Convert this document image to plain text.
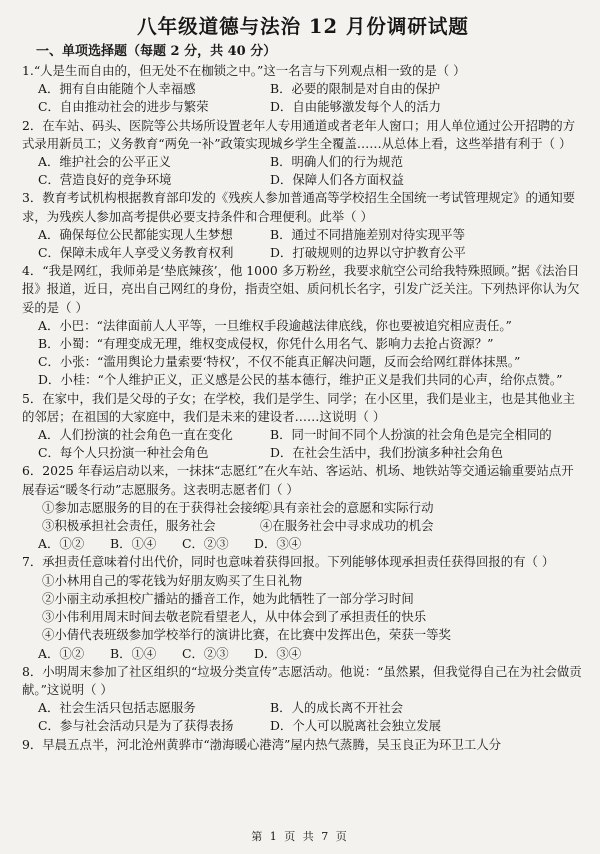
八年级道德与法治 12 月份调研试题
一、单项选择题（每题 2 分，共 40 分）
1.“人是生而自由的，但无处不在枷锁之中。”这一名言与下列观点相一致的是（ ）
A．拥有自由能随个人幸福感	B．必要的限制是对自由的保护
C．自由推动社会的进步与繁荣	D．自由能够激发每个人的活力
2．在车站、码头、医院等公共场所设置老年人专用通道或者老年人窗口；用人单位通过公开招聘的方式录用新员工；义务教育“两免一补”政策实现城乡学生全覆盖……从总体上看，这些举措有利于（ ）
A．维护社会的公平正义	B．明确人们的行为规范
C．营造良好的竞争环境	D．保障人们各方面权益
3．教育考试机构根据教育部印发的《残疾人参加普通高等学校招生全国统一考试管理规定》的通知要求，为残疾人参加高考提供必要支持条件和合理便利。此举（ ）
A．确保每位公民都能实现人生梦想	B．通过不同措施差别对待实现平等
C．保障未成年人享受义务教育权利	D．打破规则的边界以守护教育公平
4．“我是网红，我师弟是‘垫底辣孩’，他 1000 多万粉丝，我要求航空公司给我特殊照顾。”据《法治日报》报道，近日，亮出自己网红的身份，指责空姐、质问机长名字，引发广泛关注。下列热评你认为欠妥的是（ ）
A．小巴：“法律面前人人平等，一旦维权手段逾越法律底线，你也要被追究相应责任。”
B．小蜀：“有理变成无理，维权变成侵权，你凭什么用名气、影响力去抢占资源？”
C．小张：“滥用舆论力量索要‘特权’，不仅不能真正解决问题，反而会给网红群体抹黑。”
D．小桂：“个人维护正义，正义感是公民的基本德行，维护正义是我们共同的心声，给你点赞。”
5．在家中，我们是父母的子女；在学校，我们是学生、同学；在小区里，我们是业主，也是其他业主的邻居；在祖国的大家庭中，我们是未来的建设者……这说明（ ）
A．人们扮演的社会角色一直在变化	B．同一时间不同个人扮演的社会角色是完全相同的
C．每个人只扮演一种社会角色	D．在社会生活中，我们扮演多种社会角色
6．2025 年春运启动以来，一抹抹“志愿红”在火车站、客运站、机场、地铁站等交通运输重要站点开展春运“暖冬行动”志愿服务。这表明志愿者们（ ）
①参加志愿服务的目的在于获得社会接纳
②具有亲社会的意愿和实际行动
③积极承担社会责任，服务社会	④在服务社会中寻求成功的机会
A．①②	B．①④	C．②③	D．③④
7．承担责任意味着付出代价，同时也意味着获得回报。下列能够体现承担责任获得回报的有（ ）
①小林用自己的零花钱为好朋友购买了生日礼物
②小丽主动承担校广播站的播音工作，她为此牺牲了一部分学习时间
③小伟利用周末时间去敬老院看望老人，从中体会到了承担责任的快乐
④小倩代表班级参加学校举行的演讲比赛，在比赛中发挥出色，荣获一等奖
A．①②	B．①④	C．②③	D．③④
8．小明周末参加了社区组织的“垃圾分类宣传”志愿活动。他说：“虽然累，但我觉得自己在为社会做贡献。”这说明（ ）
A．社会生活只包括志愿服务	B．人的成长离不开社会
C．参与社会活动只是为了获得表扬	D．个人可以脱离社会独立发展
9．早晨五点半，河北沧州黄骅市“渤海暖心港湾”屋内热气蒸腾，吴玉良正为环卫工人分
第 1 页 共 7 页
